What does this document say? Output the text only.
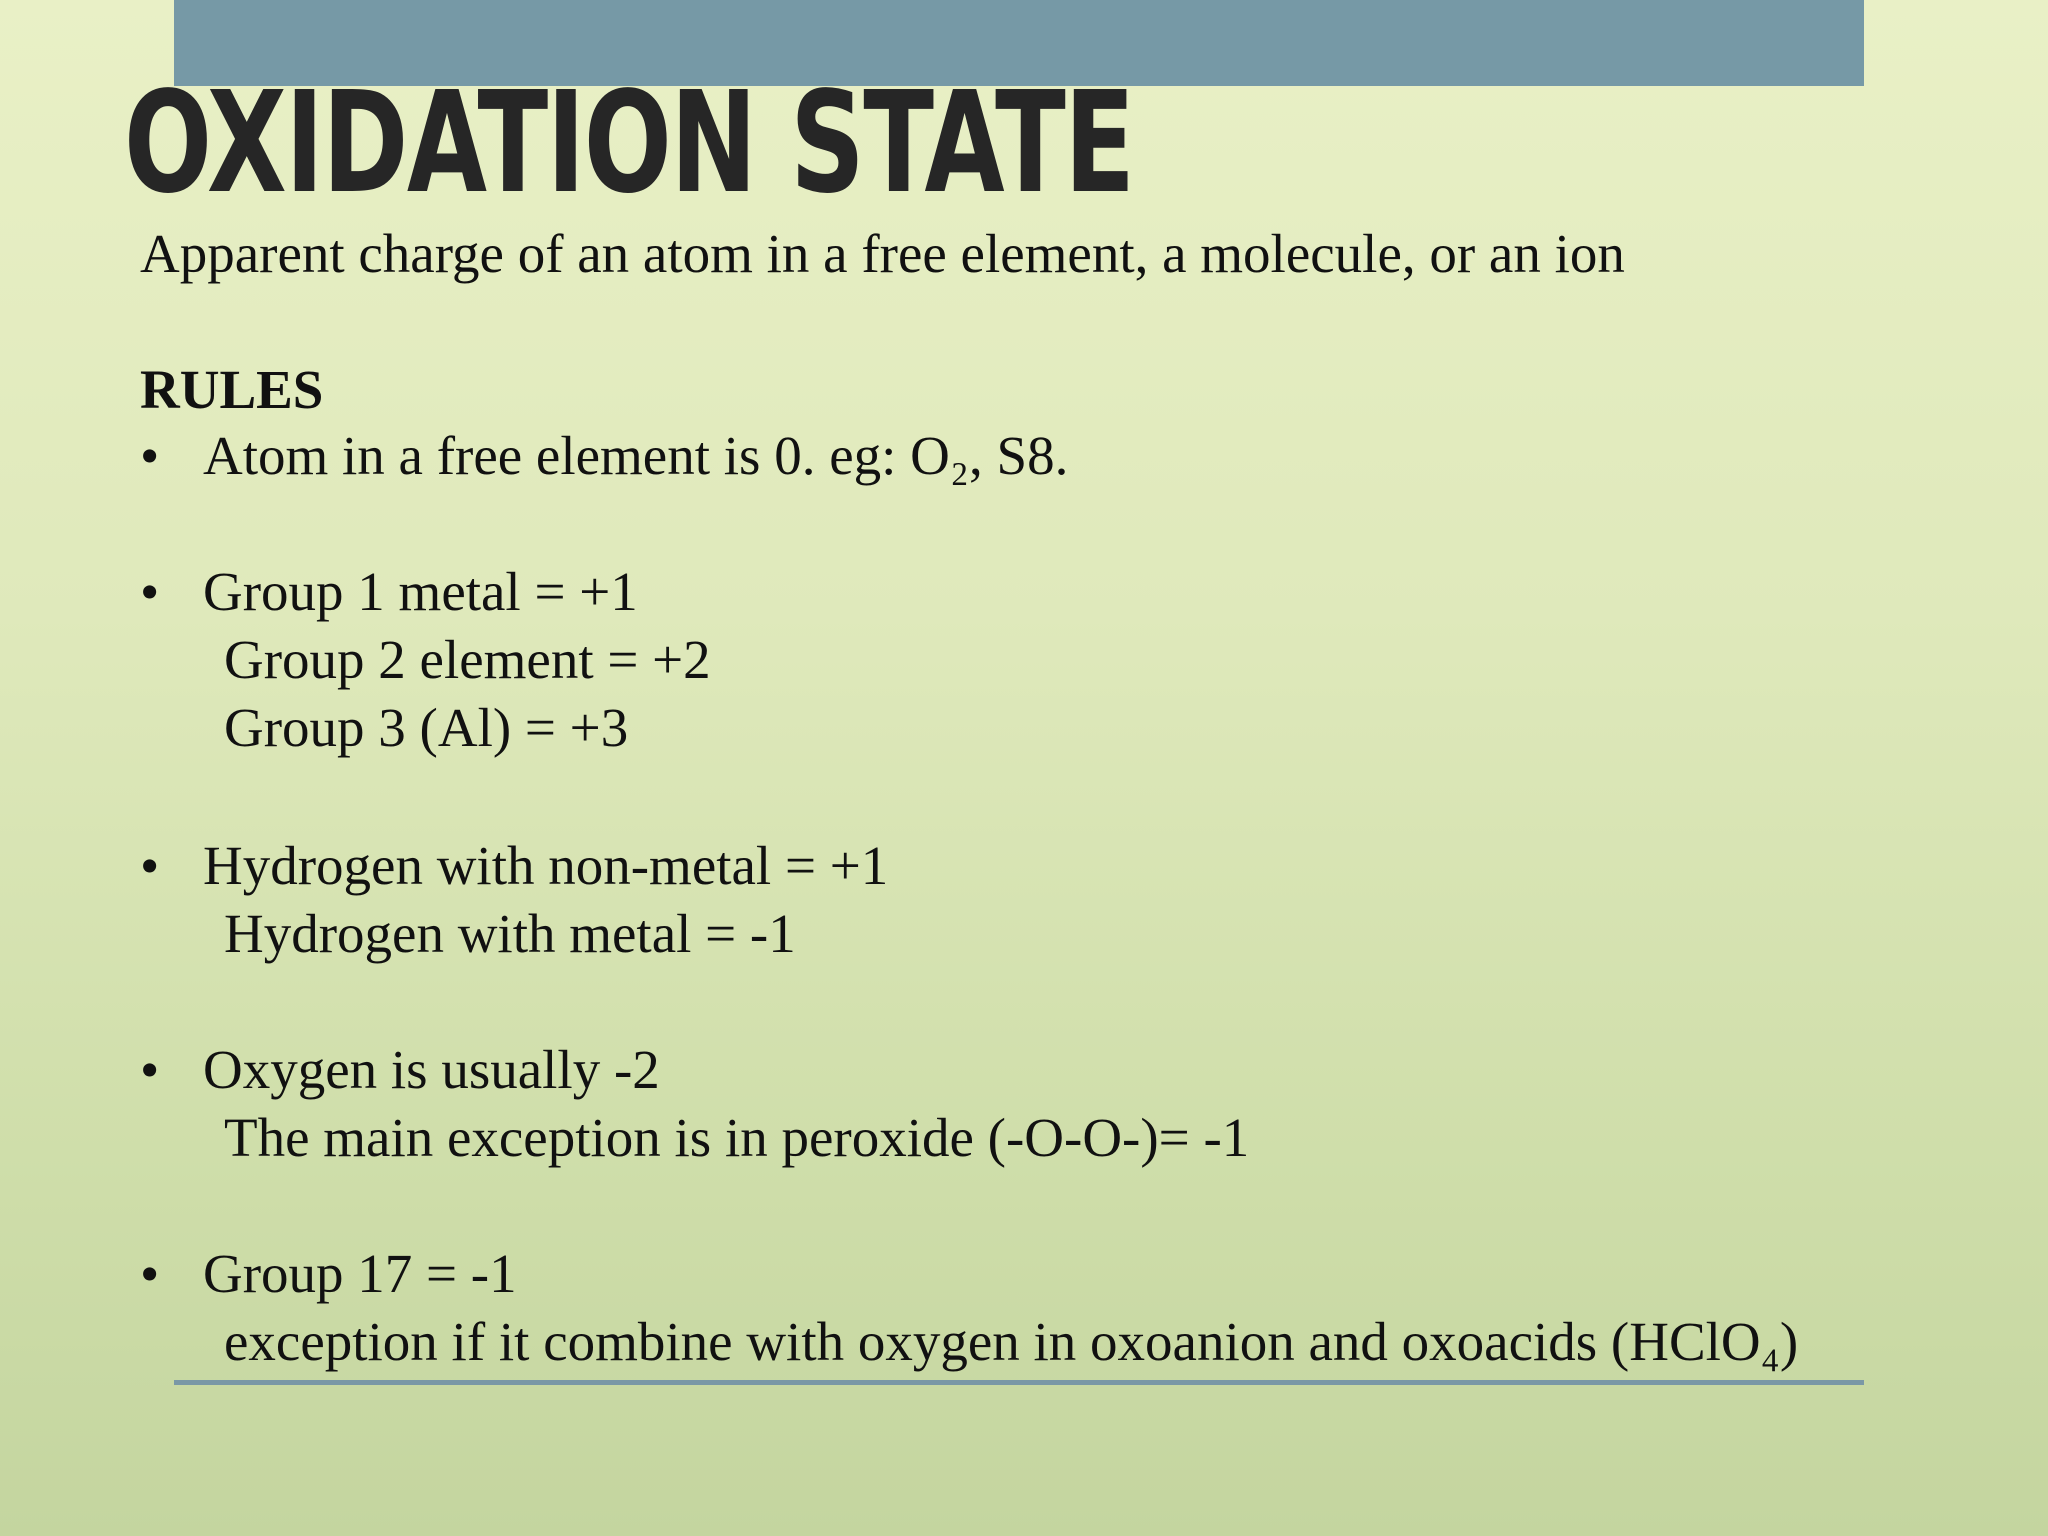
OXIDATION STATE
Apparent charge of an atom in a free element, a molecule, or an ion
RULES
• Atom in a free element is 0. eg: O₂, S8.
• Group 1 metal = +1
Group 2 element = +2
Group 3 (Al) = +3
• Hydrogen with non-metal = +1
Hydrogen with metal = -1
• Oxygen is usually -2
The main exception is in peroxide (-O-O-)= -1
• Group 17 = -1
exception if it combine with oxygen in oxoanion and oxoacids (HClO₄)
